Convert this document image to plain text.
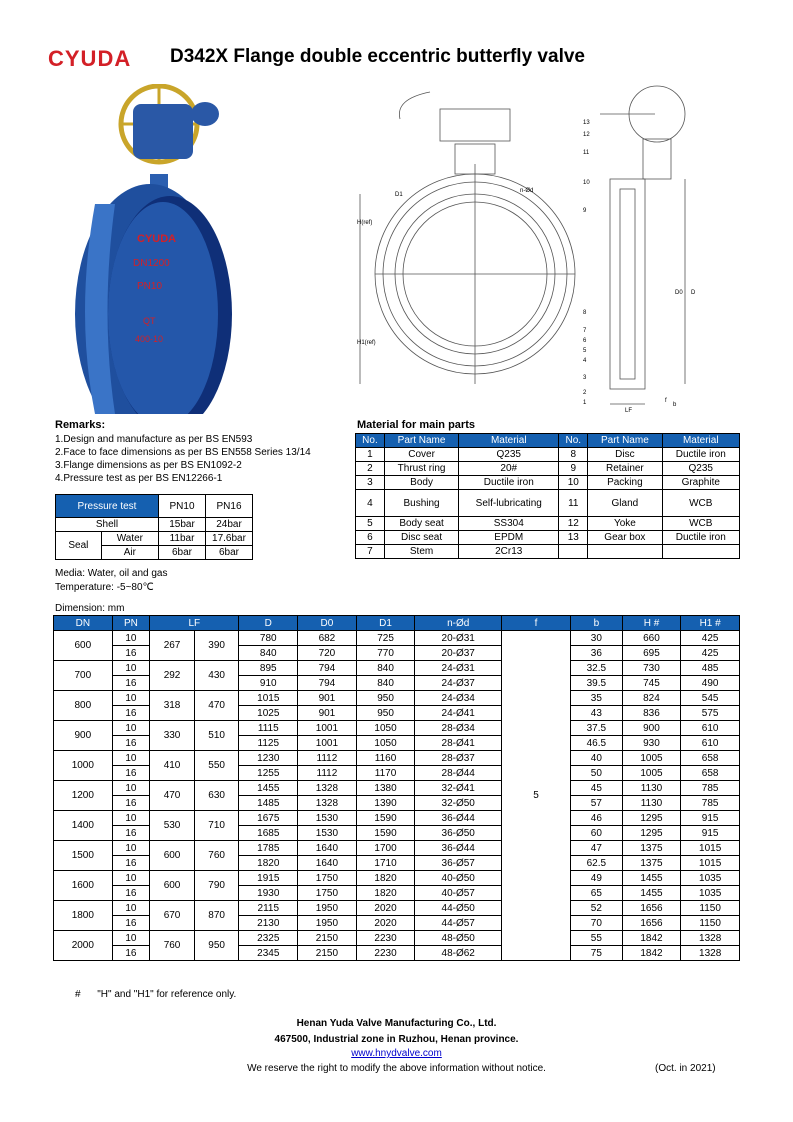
CYUDA D342X Flange double eccentric butterfly valve
CYUDA
DN1200
PN10
QT
400-10
D1
n-Ød
H(ref)
H1(ref)
D0 D
LF
f
b
13
12
11
10
9
8
7
6
5
4
3
2
1
Remarks:
1.Design and manufacture as per BS EN593
2.Face to face dimensions as per BS EN558 Series 13/14
3.Flange dimensions as per BS EN1092-2
4.Pressure test as per BS EN12266-1
Pressure test		PN10	PN16
Shell		15bar	24bar
Seal	Water	11bar	17.6bar
	Air	6bar	6bar
Media: Water, oil and gas
Temperature: -5~80℃
Material for main parts
No.	Part Name	Material	No.	Part Name	Material
1	Cover	Q235	8	Disc	Ductile iron
2	Thrust ring	20#	9	Retainer	Q235
3	Body	Ductile iron	10	Packing	Graphite
4	Bushing	Self-lubricating	11	Gland	WCB
5	Body seat	SS304	12	Yoke	WCB
6	Disc seat	EPDM	13	Gear box	Ductile iron
7	Stem	2Cr13			
Dimension: mm
DN	PN	LF		D	D0	D1	n-Ød	f	b	H #	H1 #
600	10	267	390	780	682	725	20-Ø31	5	30	660	425
	16			840	720	770	20-Ø37		36	695	425
700	10	292	430	895	794	840	24-Ø31		32.5	730	485
	16			910	794	840	24-Ø37		39.5	745	490
800	10	318	470	1015	901	950	24-Ø34		35	824	545
	16			1025	901	950	24-Ø41		43	836	575
900	10	330	510	1115	1001	1050	28-Ø34		37.5	900	610
	16			1125	1001	1050	28-Ø41		46.5	930	610
1000	10	410	550	1230	1112	1160	28-Ø37		40	1005	658
	16			1255	1112	1170	28-Ø44		50	1005	658
1200	10	470	630	1455	1328	1380	32-Ø41		45	1130	785
	16			1485	1328	1390	32-Ø50		57	1130	785
1400	10	530	710	1675	1530	1590	36-Ø44		46	1295	915
	16			1685	1530	1590	36-Ø50		60	1295	915
1500	10	600	760	1785	1640	1700	36-Ø44		47	1375	1015
	16			1820	1640	1710	36-Ø57		62.5	1375	1015
1600	10	600	790	1915	1750	1820	40-Ø50		49	1455	1035
	16			1930	1750	1820	40-Ø57		65	1455	1035
1800	10	670	870	2115	1950	2020	44-Ø50		52	1656	1150
	16			2130	1950	2020	44-Ø57		70	1656	1150
2000	10	760	950	2325	2150	2230	48-Ø50		55	1842	1328
	16			2345	2150	2230	48-Ø62		75	1842	1328
# "H" and "H1" for reference only.
Henan Yuda Valve Manufacturing Co., Ltd.
467500, Industrial zone in Ruzhou, Henan province.
www.hnydvalve.com
We reserve the right to modify the above information without notice.	(Oct. in 2021)
